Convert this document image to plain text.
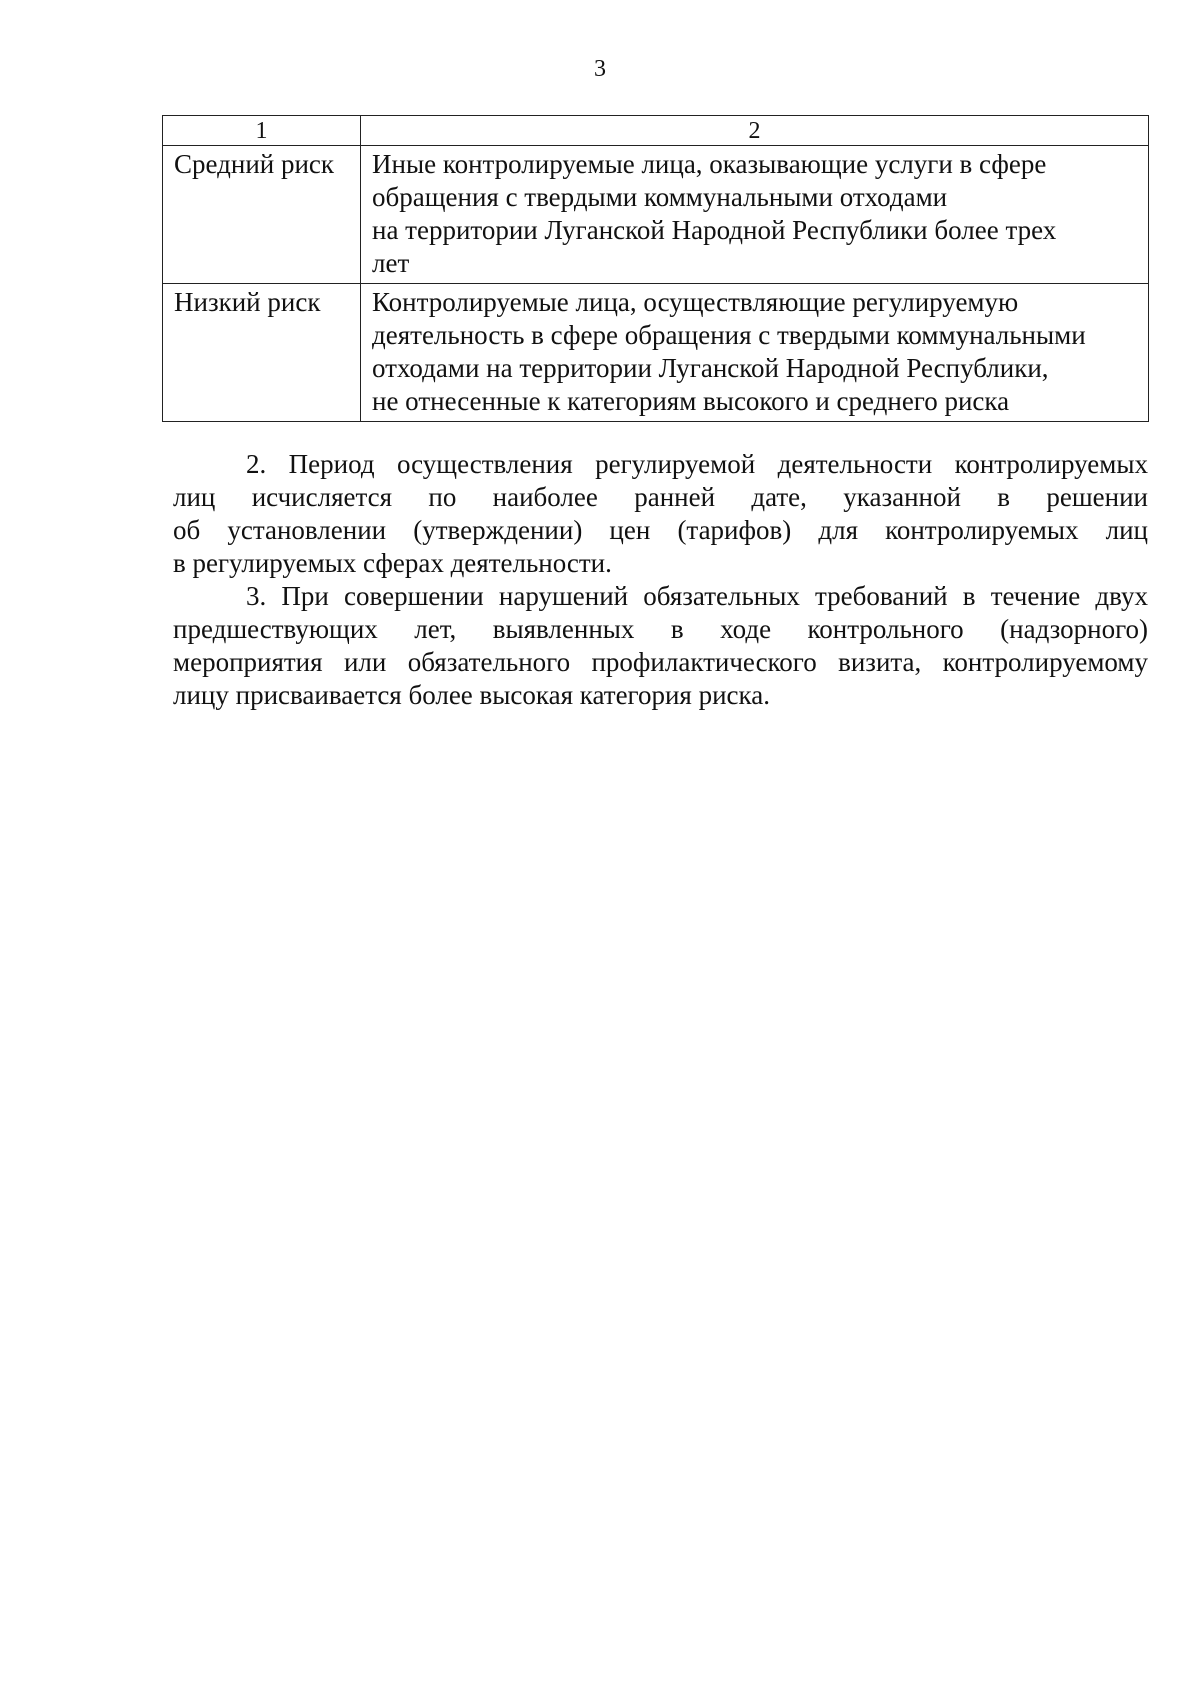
3
1	2

Средний риск	Иные контролируемые лица, оказывающие услуги в сфере
обращения с твердыми коммунальными отходами
на территории Луганской Народной Республики более трех
лет

Низкий риск	Контролируемые лица, осуществляющие регулируемую
деятельность в сфере обращения с твердыми коммунальными
отходами на территории Луганской Народной Республики,
не отнесенные к категориям высокого и среднего риска

2. Период осуществления регулируемой деятельности контролируемых
лиц исчисляется по наиболее ранней дате, указанной в решении
об установлении (утверждении) цен (тарифов) для контролируемых лиц
в регулируемых сферах деятельности.

3. При совершении нарушений обязательных требований в течение двух
предшествующих лет, выявленных в ходе контрольного (надзорного)
мероприятия или обязательного профилактического визита, контролируемому
лицу присваивается более высокая категория риска.
